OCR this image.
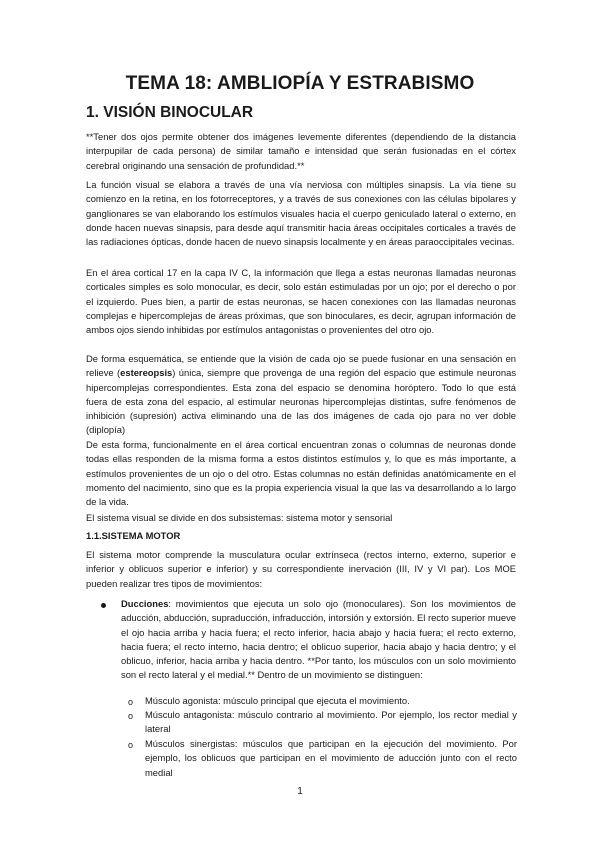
TEMA 18: AMBLIOPÍA Y ESTRABISMO
1. VISIÓN BINOCULAR

**Tener dos ojos permite obtener dos imágenes levemente diferentes (dependiendo de la distancia interpupilar de cada persona) de similar tamaño e intensidad que serán fusionadas en el córtex cerebral originando una sensación de profundidad.**

La función visual se elabora a través de una vía nerviosa con múltiples sinapsis. La vía tiene su comienzo en la retina, en los fotorreceptores, y a través de sus conexiones con las células bipolares y ganglionares se van elaborando los estímulos visuales hacia el cuerpo geniculado lateral o externo, en donde hacen nuevas sinapsis, para desde aquí transmitir hacia áreas occipitales corticales a través de las radiaciones ópticas, donde hacen de nuevo sinapsis localmente y en áreas paraoccipitales vecinas.

En el área cortical 17 en la capa IV C, la información que llega a estas neuronas llamadas neuronas corticales simples es solo monocular, es decir, solo están estimuladas por un ojo; por el derecho o por el izquierdo. Pues bien, a partir de estas neuronas, se hacen conexiones con las llamadas neuronas complejas e hipercomplejas de áreas próximas, que son binoculares, es decir, agrupan información de ambos ojos siendo inhibidas por estímulos antagonistas o provenientes del otro ojo.

De forma esquemática, se entiende que la visión de cada ojo se puede fusionar en una sensación en relieve (estereopsis) única, siempre que provenga de una región del espacio que estimule neuronas hipercomplejas correspondientes. Esta zona del espacio se denomina horóptero. Todo lo que está fuera de esta zona del espacio, al estimular neuronas hipercomplejas distintas, sufre fenómenos de inhibición (supresión) activa eliminando una de las dos imágenes de cada ojo para no ver doble (diplopía)

De esta forma, funcionalmente en el área cortical encuentran zonas o columnas de neuronas donde todas ellas responden de la misma forma a estos distintos estímulos y, lo que es más importante, a estímulos provenientes de un ojo o del otro. Estas columnas no están definidas anatómicamente en el momento del nacimiento, sino que es la propia experiencia visual la que las va desarrollando a lo largo de la vida.

El sistema visual se divide en dos subsistemas: sistema motor y sensorial

1.1.SISTEMA MOTOR

El sistema motor comprende la musculatura ocular extrínseca (rectos interno, externo, superior e inferior y oblicuos superior e inferior) y su correspondiente inervación (III, IV y VI par). Los MOE pueden realizar tres tipos de movimientos:

Ducciones: movimientos que ejecuta un solo ojo (monoculares). Son los movimientos de aducción, abducción, supraducción, infraducción, intorsión y extorsión. El recto superior mueve el ojo hacia arriba y hacia fuera; el recto inferior, hacia abajo y hacia fuera; el recto externo, hacia fuera; el recto interno, hacia dentro; el oblicuo superior, hacia abajo y hacia dentro; y el oblicuo, inferior, hacia arriba y hacia dentro. **Por tanto, los músculos con un solo movimiento son el recto lateral y el medial.** Dentro de un movimiento se distinguen:

o	Músculo agonista: músculo principal que ejecuta el movimiento.

o	Músculo antagonista: músculo contrario al movimiento. Por ejemplo, los rector medial y lateral

o	Músculos sinergistas: músculos que participan en la ejecución del movimiento. Por ejemplo, los oblicuos que participan en el movimiento de aducción junto con el recto medial

1
